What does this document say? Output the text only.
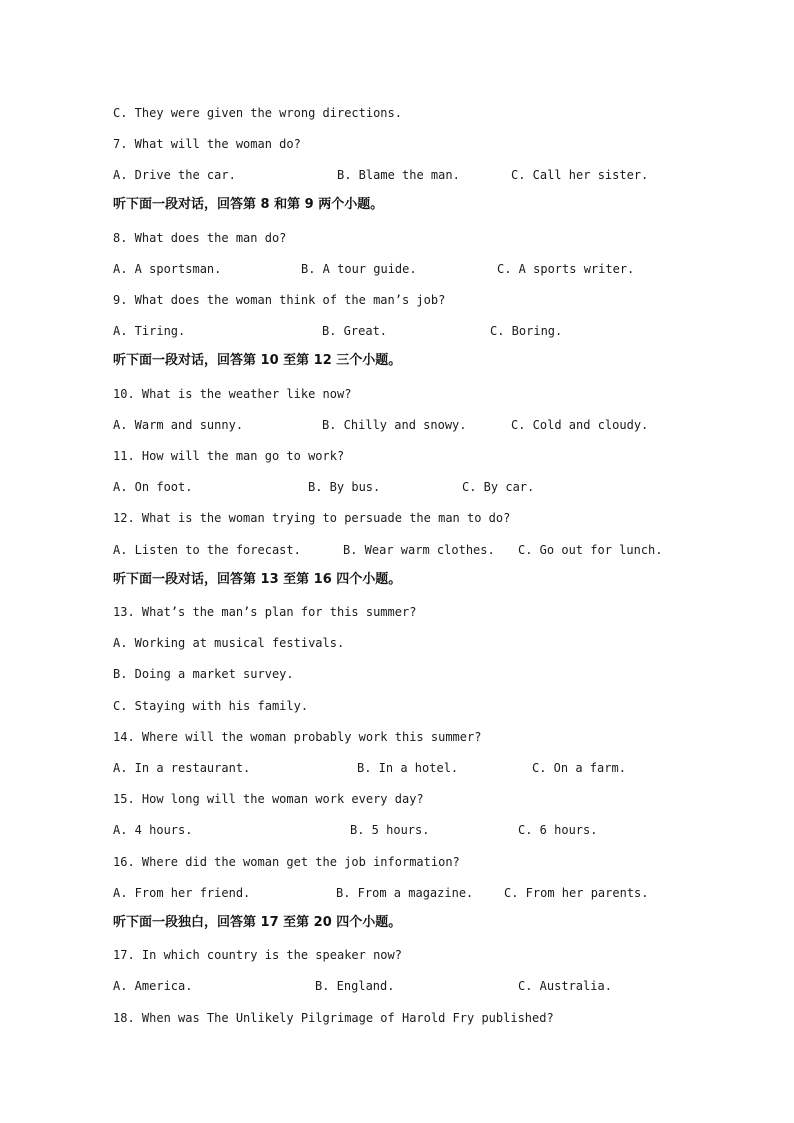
C. They were given the wrong directions.
7. What will the woman do?

A. Drive the car.

	B. Blame the man.

	C. Call her sister.

听下面一段对话，回答第 8 和第 9 两个小题。
8. What does the man do?

A. A sportsman.

	B. A tour guide.

	C. A sports writer.

9. What does the woman think of the man’s job?

A. Tiring.

	B. Great.

	C. Boring.

听下面一段对话，回答第 10 至第 12 三个小题。
10. What is the weather like now?

A. Warm and sunny.

	B. Chilly and snowy.

	C. Cold and cloudy.

11. How will the man go to work?

A. On foot.

	B. By bus.

	C. By car.

12. What is the woman trying to persuade the man to do?

A. Listen to the forecast.

	B. Wear warm clothes.

C. Go out for lunch.

听下面一段对话，回答第 13 至第 16 四个小题。
13. What’s the man’s plan for this summer?
A. Working at musical festivals.
B. Doing a market survey.
C. Staying with his family.
14. Where will the woman probably work this summer?

A. In a restaurant.

	B. In a hotel.

	C. On a farm.

15. How long will the woman work every day?

A. 4 hours.

	B. 5 hours.

	C. 6 hours.

16. Where did the woman get the job information?

A. From her friend.

	B. From a magazine.

	C. From her parents.

听下面一段独白，回答第 17 至第 20 四个小题。
17. In which country is the speaker now?

A. America.

	B. England.

	C. Australia.

18. When was The Unlikely Pilgrimage of Harold Fry published?
